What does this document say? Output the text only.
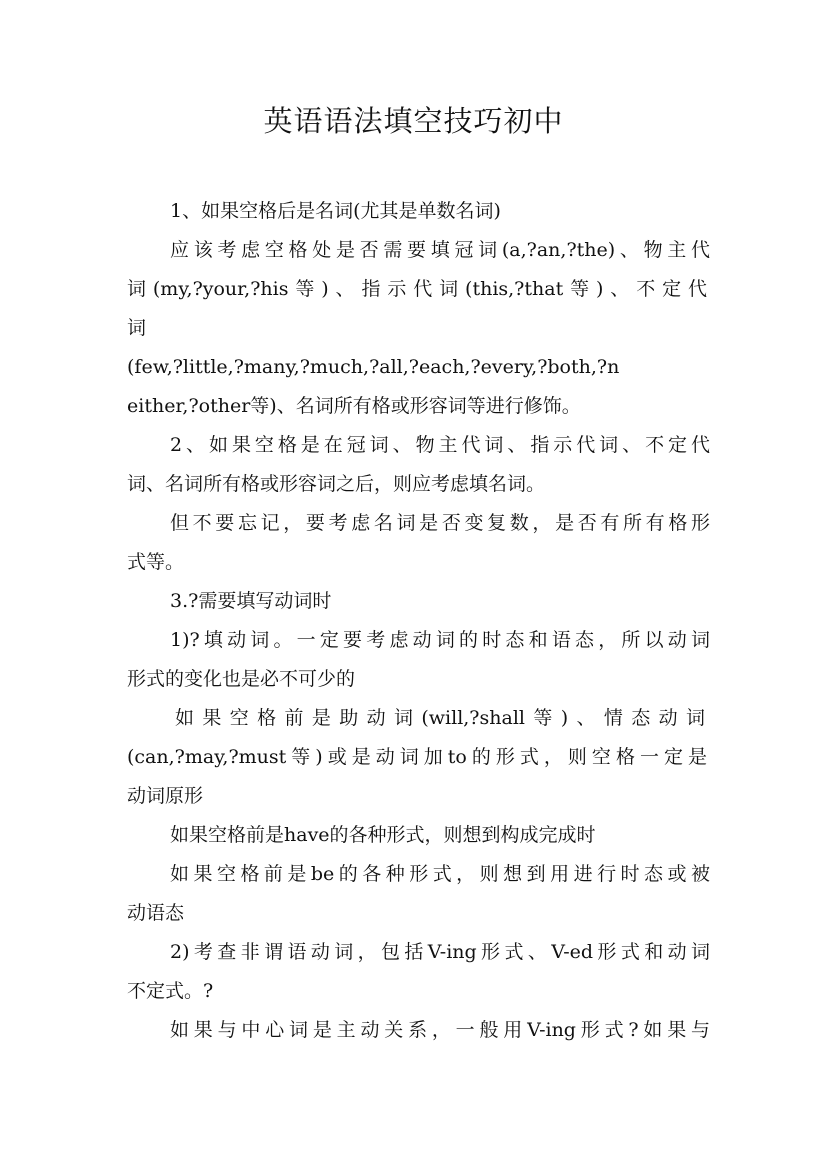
英语语法填空技巧初中
1、如果空格后是名词(尤其是单数名词)
应该考虑空格处是否需要填冠词(a,?an,?the)、物主代
词(my,?your,?his等)、指示代词(this,?that等)、不定代
词
(few,?little,?many,?much,?all,?each,?every,?both,?n
either,?other等)、名词所有格或形容词等进行修饰。
2、如果空格是在冠词、物主代词、指示代词、不定代
词、名词所有格或形容词之后，则应考虑填名词。
但不要忘记，要考虑名词是否变复数，是否有所有格形
式等。
3.?需要填写动词时
1)?填动词。一定要考虑动词的时态和语态，所以动词
形式的变化也是必不可少的
如果空格前是助动词(will,?shall等)、情态动词
(can,?may,?must等)或是动词加to的形式，则空格一定是
动词原形
如果空格前是have的各种形式，则想到构成完成时
如果空格前是be的各种形式，则想到用进行时态或被
动语态
2)考查非谓语动词，包括V-ing形式、V-ed形式和动词
不定式。?
如果与中心词是主动关系，一般用V-ing形式?如果与
